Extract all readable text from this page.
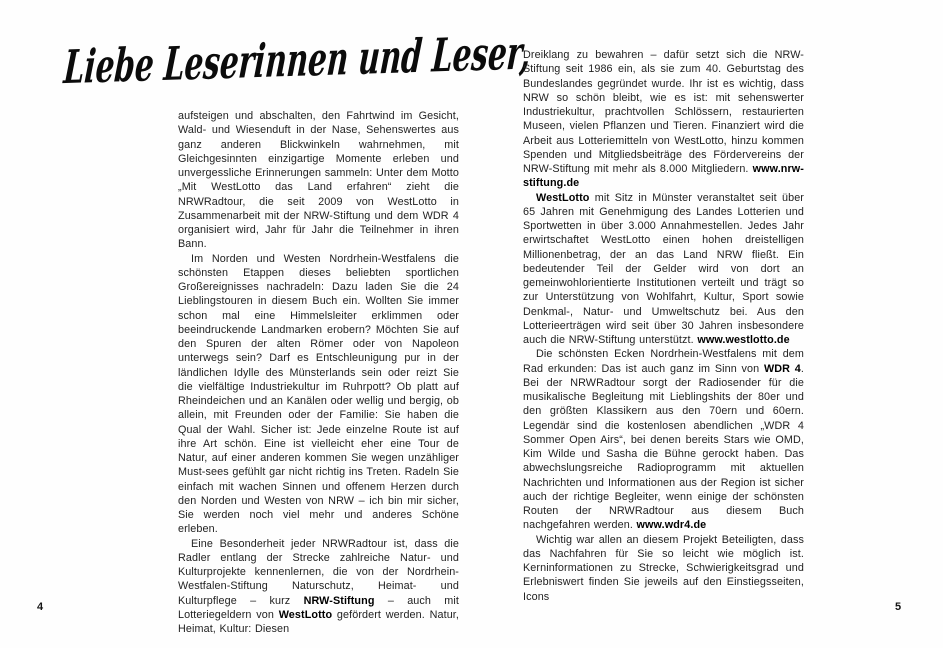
Liebe Leserinnen und Leser,

aufsteigen und abschalten, den Fahrtwind im Gesicht, Wald- und Wiesenduft in der Nase, Sehenswertes aus ganz anderen Blickwinkeln wahrnehmen, mit Gleichgesinnten einzigartige Momente erleben und unvergessliche Erinnerungen sammeln: Unter dem Motto „Mit WestLotto das Land erfahren“ zieht die NRWRadtour, die seit 2009 von WestLotto in Zusammenarbeit mit der NRW-Stiftung und dem WDR 4 organisiert wird, Jahr für Jahr die Teilnehmer in ihren Bann.

Im Norden und Westen Nordrhein-Westfalens die schönsten Etappen dieses beliebten sportlichen Großereignisses nachradeln: Dazu laden Sie die 24 Lieblingstouren in diesem Buch ein. Wollten Sie immer schon mal eine Himmelsleiter erklimmen oder beeindruckende Landmarken erobern? Möchten Sie auf den Spuren der alten Römer oder von Napoleon unterwegs sein? Darf es Entschleunigung pur in der ländlichen Idylle des Münsterlands sein oder reizt Sie die vielfältige Industriekultur im Ruhrpott? Ob platt auf Rheindeichen und an Kanälen oder wellig und bergig, ob allein, mit Freunden oder der Familie: Sie haben die Qual der Wahl. Sicher ist: Jede einzelne Route ist auf ihre Art schön. Eine ist vielleicht eher eine Tour de Natur, auf einer anderen kommen Sie wegen unzähliger Must-sees gefühlt gar nicht richtig ins Treten. Radeln Sie einfach mit wachen Sinnen und offenem Herzen durch den Norden und Westen von NRW – ich bin mir sicher, Sie werden noch viel mehr und anderes Schöne erleben.

Eine Besonderheit jeder NRWRadtour ist, dass die Radler entlang der Strecke zahlreiche Natur- und Kulturprojekte kennenlernen, die von der Nordrhein-Westfalen-Stiftung Naturschutz, Heimat- und Kulturpflege – kurz NRW-Stiftung – auch mit Lotteriegeldern von WestLotto gefördert werden. Natur, Heimat, Kultur: Diesen

Dreiklang zu bewahren – dafür setzt sich die NRW-Stiftung seit 1986 ein, als sie zum 40. Geburtstag des Bundeslandes gegründet wurde. Ihr ist es wichtig, dass NRW so schön bleibt, wie es ist: mit sehenswerter Industriekultur, prachtvollen Schlössern, restaurierten Museen, vielen Pflanzen und Tieren. Finanziert wird die Arbeit aus Lotteriemitteln von WestLotto, hinzu kommen Spenden und Mitgliedsbeiträge des Fördervereins der NRW-Stiftung mit mehr als 8.000 Mitgliedern. www.nrw-stiftung.de

WestLotto mit Sitz in Münster veranstaltet seit über 65 Jahren mit Genehmigung des Landes Lotterien und Sportwetten in über 3.000 Annahmestellen. Jedes Jahr erwirtschaftet WestLotto einen hohen dreistelligen Millionenbetrag, der an das Land NRW fließt. Ein bedeutender Teil der Gelder wird von dort an gemeinwohlorientierte Institutionen verteilt und trägt so zur Unterstützung von Wohlfahrt, Kultur, Sport sowie Denkmal-, Natur- und Umweltschutz bei. Aus den Lotterieerträgen wird seit über 30 Jahren insbesondere auch die NRW-Stiftung unterstützt. www.westlotto.de

Die schönsten Ecken Nordrhein-Westfalens mit dem Rad erkunden: Das ist auch ganz im Sinn von WDR 4. Bei der NRWRadtour sorgt der Radiosender für die musikalische Begleitung mit Lieblingshits der 80er und den größten Klassikern aus den 70ern und 60ern. Legendär sind die kostenlosen abendlichen „WDR 4 Sommer Open Airs“, bei denen bereits Stars wie OMD, Kim Wilde und Sasha die Bühne gerockt haben. Das abwechslungsreiche Radioprogramm mit aktuellen Nachrichten und Informationen aus der Region ist sicher auch der richtige Begleiter, wenn einige der schönsten Routen der NRWRadtour aus diesem Buch nachgefahren werden. www.wdr4.de

Wichtig war allen an diesem Projekt Beteiligten, dass das Nachfahren für Sie so leicht wie möglich ist. Kerninformationen zu Strecke, Schwierigkeitsgrad und Erlebniswert finden Sie jeweils auf den Einstiegsseiten, Icons

4	5
